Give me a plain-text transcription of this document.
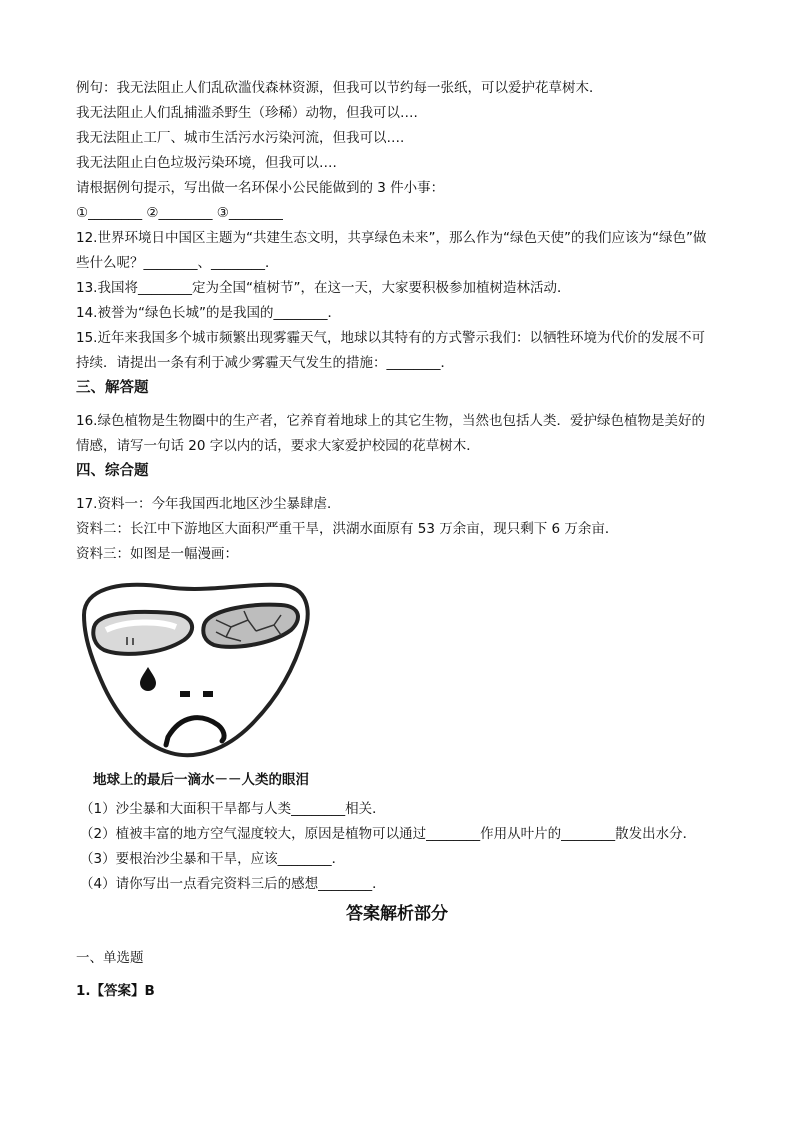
例句：我无法阻止人们乱砍滥伐森林资源，但我可以节约每一张纸，可以爱护花草树木．
我无法阻止人们乱捕滥杀野生（珍稀）动物，但我可以….
我无法阻止工厂、城市生活污水污染河流，但我可以….
我无法阻止白色垃圾污染环境，但我可以….
请根据例句提示，写出做一名环保小公民能做到的 3 件小事：
①________ ②________ ③________
12.世界环境日中国区主题为“共建生态文明，共享绿色未来”，那么作为“绿色天使”的我们应该为“绿色”做
些什么呢？________、________．
13.我国将________定为全国“植树节”，在这一天，大家要积极参加植树造林活动．
14.被誉为“绿色长城”的是我国的________．
15.近年来我国多个城市频繁出现雾霾天气，地球以其特有的方式警示我们：以牺牲环境为代价的发展不可
持续．请提出一条有利于减少雾霾天气发生的措施：________．
三、解答题
16.绿色植物是生物圈中的生产者，它养育着地球上的其它生物，当然也包括人类．爱护绿色植物是美好的
情感，请写一句话 20 字以内的话，要求大家爱护校园的花草树木．
四、综合题
17.资料一：今年我国西北地区沙尘暴肆虐．
资料二：长江中下游地区大面积严重干旱，洪湖水面原有 53 万余亩，现只剩下 6 万余亩．
资料三：如图是一幅漫画：
地球上的最后一滴水－－人类的眼泪
（1）沙尘暴和大面积干旱都与人类________相关．
（2）植被丰富的地方空气湿度较大，原因是植物可以通过________作用从叶片的________散发出水分．
（3）要根治沙尘暴和干旱，应该________．
（4）请你写出一点看完资料三后的感想________．
答案解析部分
一、单选题
1.【答案】B
